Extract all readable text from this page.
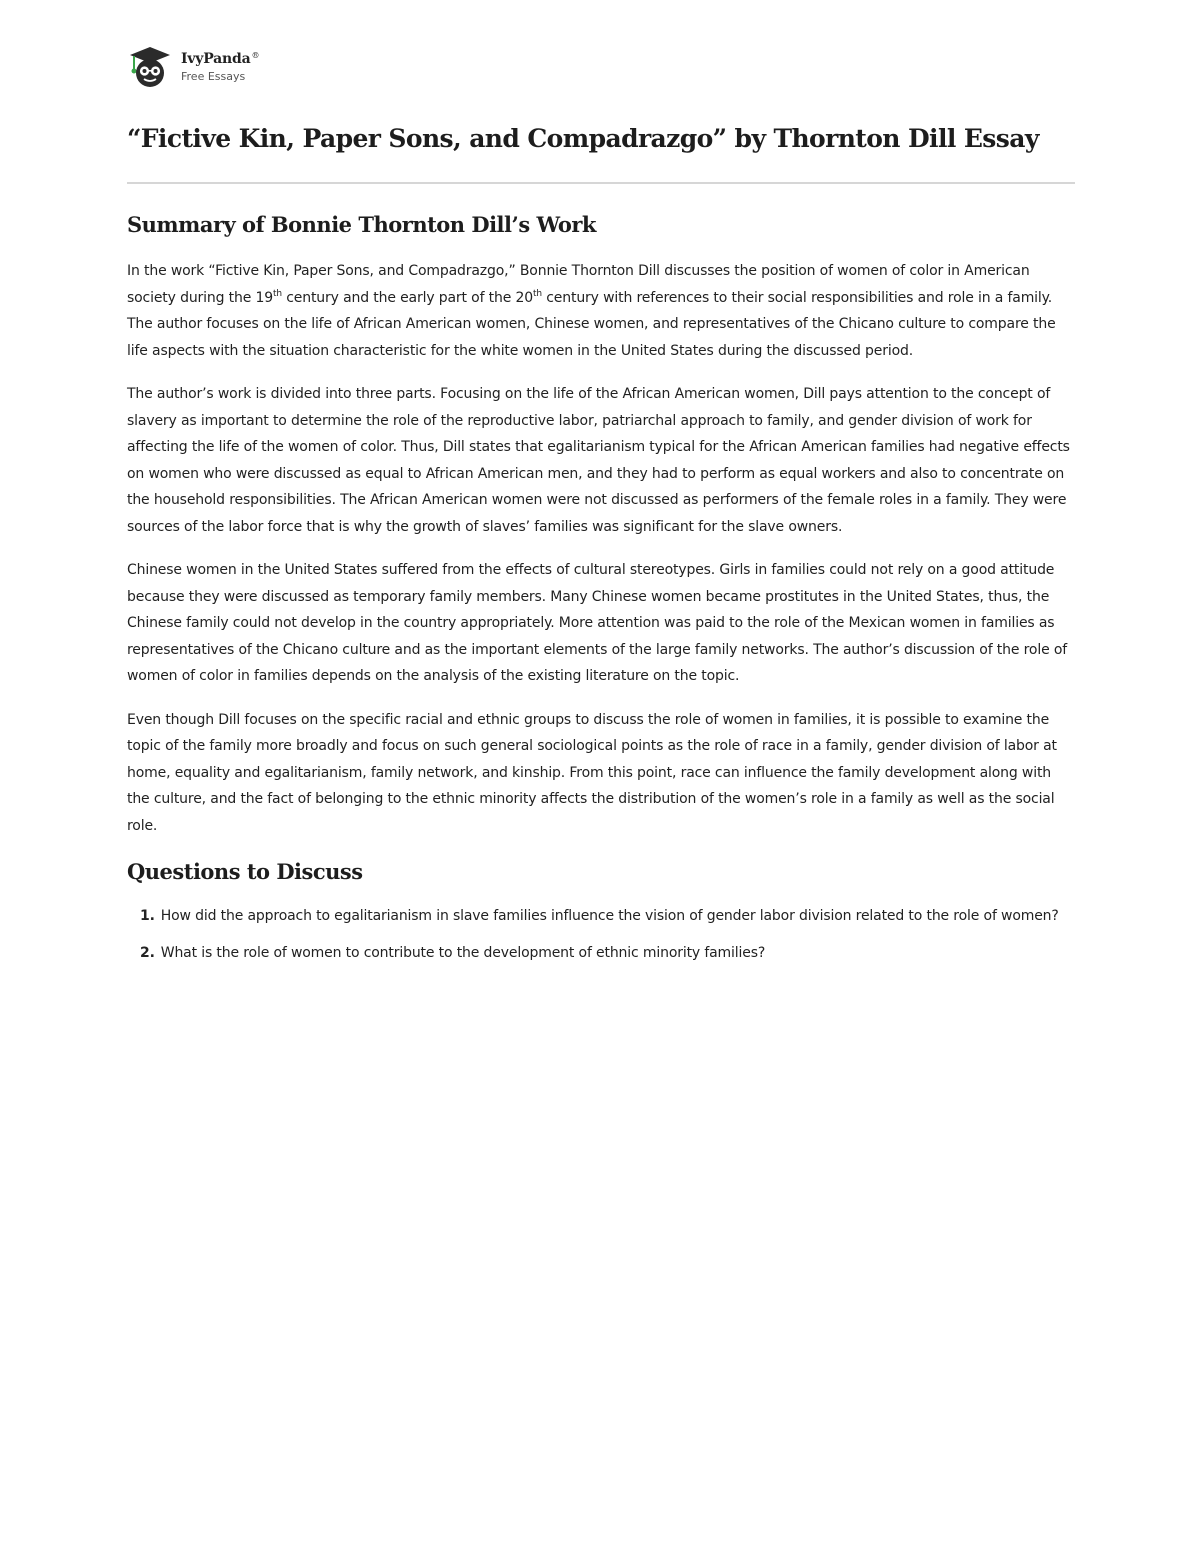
IvyPanda®
Free Essays
“Fictive Kin, Paper Sons, and Compadrazgo” by Thornton Dill Essay
Summary of Bonnie Thornton Dill’s Work

In the work “Fictive Kin, Paper Sons, and Compadrazgo,” Bonnie Thornton Dill discusses the position of women of color in American society during the 19th century and the early part of the 20th century with references to their social responsibilities and role in a family. The author focuses on the life of African American women, Chinese women, and representatives of the Chicano culture to compare the life aspects with the situation characteristic for the white women in the United States during the discussed period.

The author’s work is divided into three parts. Focusing on the life of the African American women, Dill pays attention to the concept of slavery as important to determine the role of the reproductive labor, patriarchal approach to family, and gender division of work for affecting the life of the women of color. Thus, Dill states that egalitarianism typical for the African American families had negative effects on women who were discussed as equal to African American men, and they had to perform as equal workers and also to concentrate on the household responsibilities. The African American women were not discussed as performers of the female roles in a family. They were sources of the labor force that is why the growth of slaves’ families was significant for the slave owners.

Chinese women in the United States suffered from the effects of cultural stereotypes. Girls in families could not rely on a good attitude because they were discussed as temporary family members. Many Chinese women became prostitutes in the United States, thus, the Chinese family could not develop in the country appropriately. More attention was paid to the role of the Mexican women in families as representatives of the Chicano culture and as the important elements of the large family networks. The author’s discussion of the role of women of color in families depends on the analysis of the existing literature on the topic.

Even though Dill focuses on the specific racial and ethnic groups to discuss the role of women in families, it is possible to examine the topic of the family more broadly and focus on such general sociological points as the role of race in a family, gender division of labor at home, equality and egalitarianism, family network, and kinship. From this point, race can influence the family development along with the culture, and the fact of belonging to the ethnic minority affects the distribution of the women’s role in a family as well as the social role.

Questions to Discuss
1. How did the approach to egalitarianism in slave families influence the vision of gender labor division related to the role of women?
2. What is the role of women to contribute to the development of ethnic minority families?
